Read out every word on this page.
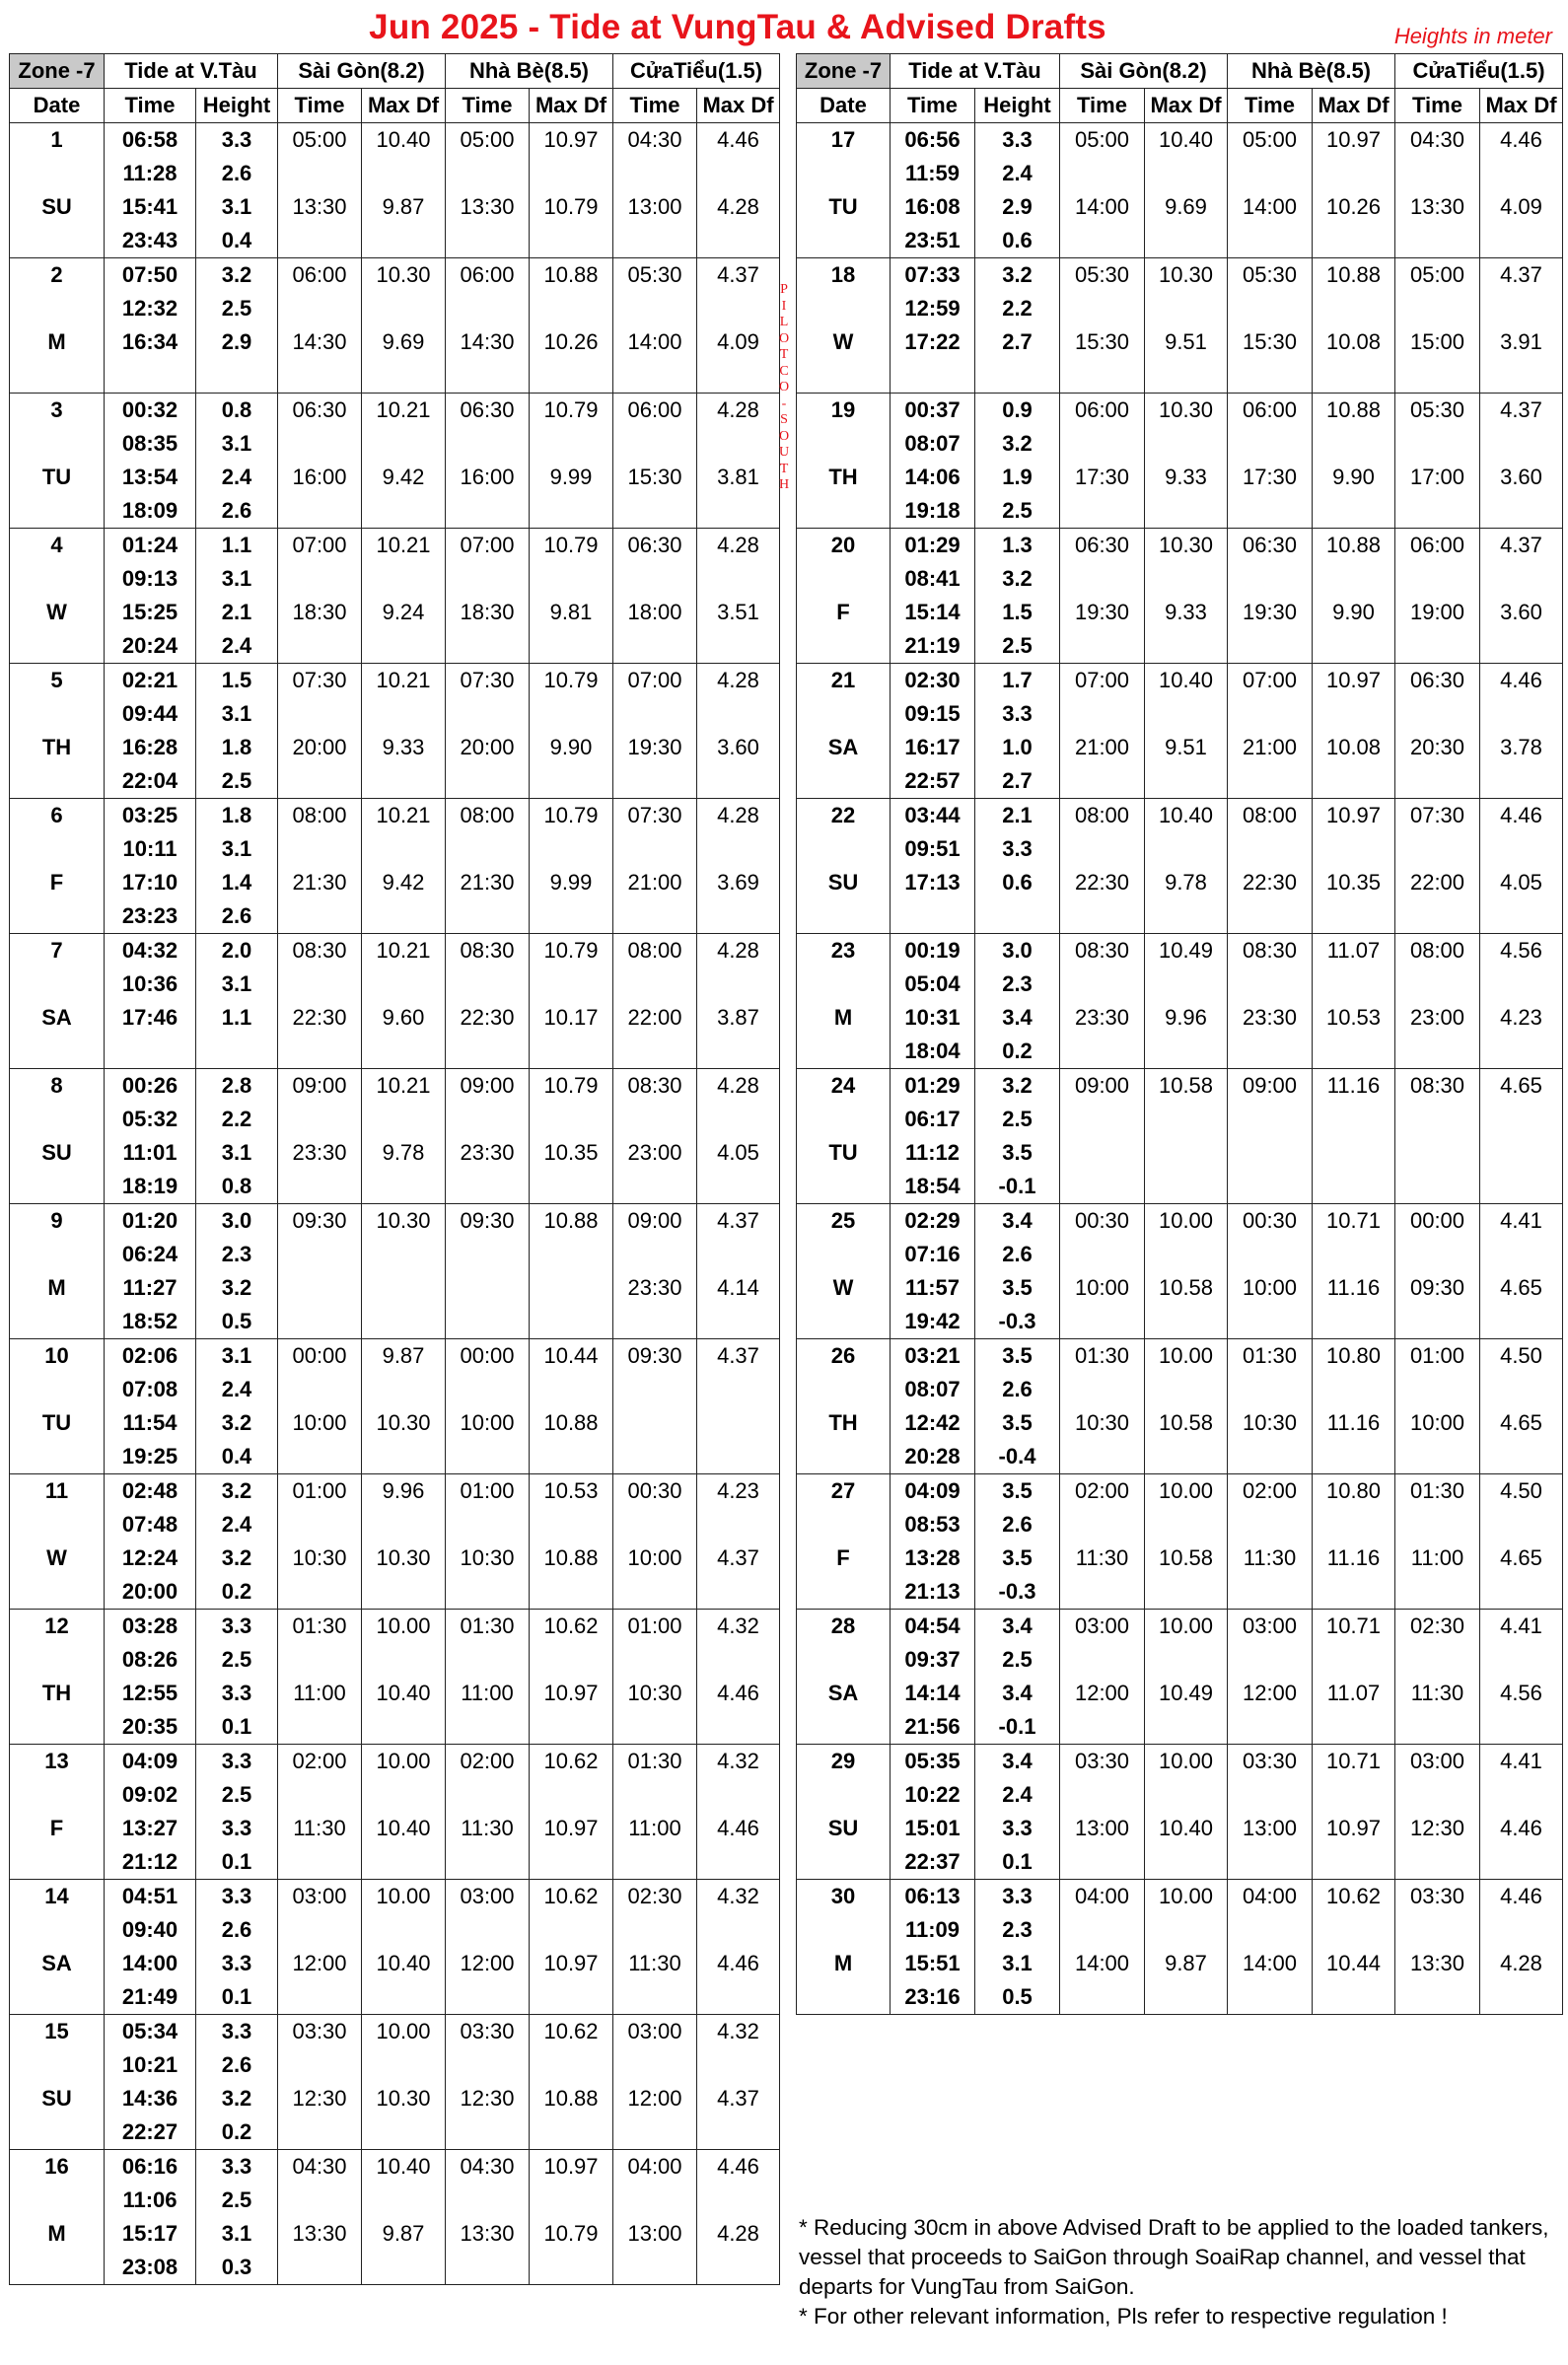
Jun 2025 - Tide at VungTau & Advised Drafts	Heights in meter
Zone -7	Tide at V.Tàu		Sài Gòn(8.2)		Nhà Bè(8.5)		CửaTiểu(1.5)	
Date	Time	Height	Time	Max Df	Time	Max Df	Time	Max Df
1	06:58	3.3	05:00	10.40	05:00	10.97	04:30	4.46
	11:28	2.6						
SU	15:41	3.1	13:30	9.87	13:30	10.79	13:00	4.28
	23:43	0.4						
2	07:50	3.2	06:00	10.30	06:00	10.88	05:30	4.37
	12:32	2.5						
M	16:34	2.9	14:30	9.69	14:30	10.26	14:00	4.09

3	00:32	0.8	06:30	10.21	06:30	10.79	06:00	4.28
	08:35	3.1						
TU	13:54	2.4	16:00	9.42	16:00	9.99	15:30	3.81
	18:09	2.6						
4	01:24	1.1	07:00	10.21	07:00	10.79	06:30	4.28
	09:13	3.1						
W	15:25	2.1	18:30	9.24	18:30	9.81	18:00	3.51
	20:24	2.4						
5	02:21	1.5	07:30	10.21	07:30	10.79	07:00	4.28
	09:44	3.1						
TH	16:28	1.8	20:00	9.33	20:00	9.90	19:30	3.60
	22:04	2.5						
6	03:25	1.8	08:00	10.21	08:00	10.79	07:30	4.28
	10:11	3.1						
F	17:10	1.4	21:30	9.42	21:30	9.99	21:00	3.69
	23:23	2.6						
7	04:32	2.0	08:30	10.21	08:30	10.79	08:00	4.28
	10:36	3.1						
SA	17:46	1.1	22:30	9.60	22:30	10.17	22:00	3.87

8	00:26	2.8	09:00	10.21	09:00	10.79	08:30	4.28
	05:32	2.2						
SU	11:01	3.1	23:30	9.78	23:30	10.35	23:00	4.05
	18:19	0.8						
9	01:20	3.0	09:30	10.30	09:30	10.88	09:00	4.37
	06:24	2.3						
M	11:27	3.2					23:30	4.14
	18:52	0.5						
10	02:06	3.1	00:00	9.87	00:00	10.44	09:30	4.37
	07:08	2.4						
TU	11:54	3.2	10:00	10.30	10:00	10.88		
	19:25	0.4						
11	02:48	3.2	01:00	9.96	01:00	10.53	00:30	4.23
	07:48	2.4						
W	12:24	3.2	10:30	10.30	10:30	10.88	10:00	4.37
	20:00	0.2						
12	03:28	3.3	01:30	10.00	01:30	10.62	01:00	4.32
	08:26	2.5						
TH	12:55	3.3	11:00	10.40	11:00	10.97	10:30	4.46
	20:35	0.1						
13	04:09	3.3	02:00	10.00	02:00	10.62	01:30	4.32
	09:02	2.5						
F	13:27	3.3	11:30	10.40	11:30	10.97	11:00	4.46
	21:12	0.1						
14	04:51	3.3	03:00	10.00	03:00	10.62	02:30	4.32
	09:40	2.6						
SA	14:00	3.3	12:00	10.40	12:00	10.97	11:30	4.46
	21:49	0.1						
15	05:34	3.3	03:30	10.00	03:30	10.62	03:00	4.32
	10:21	2.6						
SU	14:36	3.2	12:30	10.30	12:30	10.88	12:00	4.37
	22:27	0.2						
16	06:16	3.3	04:30	10.40	04:30	10.97	04:00	4.46
	11:06	2.5						
M	15:17	3.1	13:30	9.87	13:30	10.79	13:00	4.28
	23:08	0.3						
Zone -7	Tide at V.Tàu		Sài Gòn(8.2)		Nhà Bè(8.5)		CửaTiểu(1.5)	
Date	Time	Height	Time	Max Df	Time	Max Df	Time	Max Df
17	06:56	3.3	05:00	10.40	05:00	10.97	04:30	4.46
	11:59	2.4						
TU	16:08	2.9	14:00	9.69	14:00	10.26	13:30	4.09
	23:51	0.6						
18	07:33	3.2	05:30	10.30	05:30	10.88	05:00	4.37
	12:59	2.2						
W	17:22	2.7	15:30	9.51	15:30	10.08	15:00	3.91

19	00:37	0.9	06:00	10.30	06:00	10.88	05:30	4.37
	08:07	3.2						
TH	14:06	1.9	17:30	9.33	17:30	9.90	17:00	3.60
	19:18	2.5						
20	01:29	1.3	06:30	10.30	06:30	10.88	06:00	4.37
	08:41	3.2						
F	15:14	1.5	19:30	9.33	19:30	9.90	19:00	3.60
	21:19	2.5						
21	02:30	1.7	07:00	10.40	07:00	10.97	06:30	4.46
	09:15	3.3						
SA	16:17	1.0	21:00	9.51	21:00	10.08	20:30	3.78
	22:57	2.7						
22	03:44	2.1	08:00	10.40	08:00	10.97	07:30	4.46
	09:51	3.3						
SU	17:13	0.6	22:30	9.78	22:30	10.35	22:00	4.05

23	00:19	3.0	08:30	10.49	08:30	11.07	08:00	4.56
	05:04	2.3						
M	10:31	3.4	23:30	9.96	23:30	10.53	23:00	4.23
	18:04	0.2						
24	01:29	3.2	09:00	10.58	09:00	11.16	08:30	4.65
	06:17	2.5						
TU	11:12	3.5						
	18:54	-0.1						
25	02:29	3.4	00:30	10.00	00:30	10.71	00:00	4.41
	07:16	2.6						
W	11:57	3.5	10:00	10.58	10:00	11.16	09:30	4.65
	19:42	-0.3						
26	03:21	3.5	01:30	10.00	01:30	10.80	01:00	4.50
	08:07	2.6						
TH	12:42	3.5	10:30	10.58	10:30	11.16	10:00	4.65
	20:28	-0.4						
27	04:09	3.5	02:00	10.00	02:00	10.80	01:30	4.50
	08:53	2.6						
F	13:28	3.5	11:30	10.58	11:30	11.16	11:00	4.65
	21:13	-0.3						
28	04:54	3.4	03:00	10.00	03:00	10.71	02:30	4.41
	09:37	2.5						
SA	14:14	3.4	12:00	10.49	12:00	11.07	11:30	4.56
	21:56	-0.1						
29	05:35	3.4	03:30	10.00	03:30	10.71	03:00	4.41
	10:22	2.4						
SU	15:01	3.3	13:00	10.40	13:00	10.97	12:30	4.46
	22:37	0.1						
30	06:13	3.3	04:00	10.00	04:00	10.62	03:30	4.46
	11:09	2.3						
M	15:51	3.1	14:00	9.87	14:00	10.44	13:30	4.28
	23:16	0.5						
P
I
L
O
T
C
O
-
S
O
U
T
H

* Reducing 30cm in above Advised Draft to be applied to the loaded tankers, vessel that proceeds to SaiGon through SoaiRap channel, and vessel that departs for VungTau from SaiGon.

* For other relevant information, Pls refer to respective regulation !
